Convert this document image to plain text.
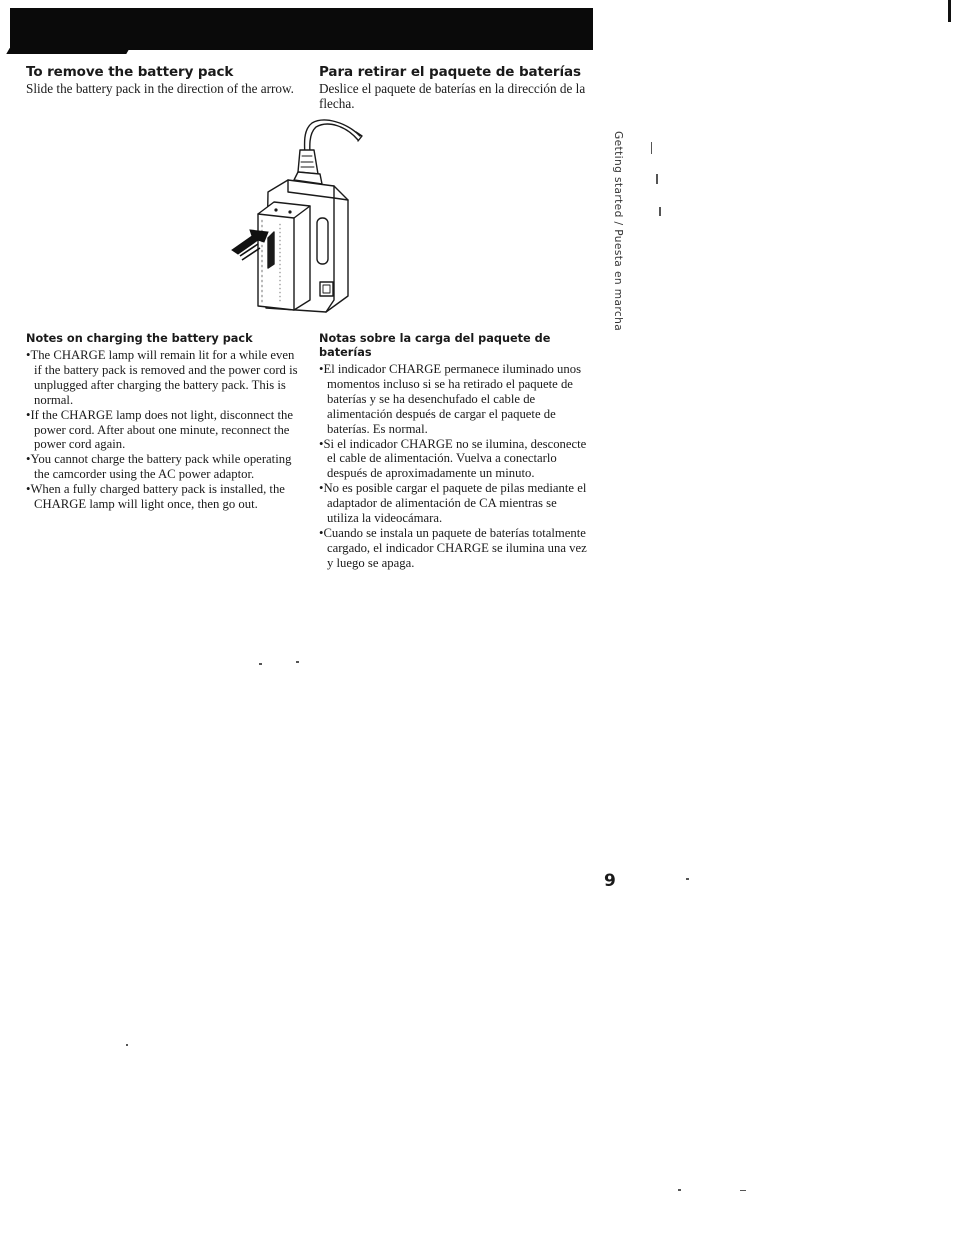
To remove the battery pack

Slide the battery pack in the direction of the arrow.

Para retirar el paquete de baterías

Deslice el paquete de baterías en la dirección de la flecha.

Notes on charging the battery pack
• The CHARGE lamp will remain lit for a while even if the battery pack is removed and the power cord is unplugged after charging the battery pack. This is normal.
• If the CHARGE lamp does not light, disconnect the power cord. After about one minute, reconnect the power cord again.
• You cannot charge the battery pack while operating the camcorder using the AC power adaptor.
• When a fully charged battery pack is installed, the CHARGE lamp will light once, then go out.
Notas sobre la carga del paquete de baterías
• El indicador CHARGE permanece iluminado unos momentos incluso si se ha retirado el paquete de baterías y se ha desenchufado el cable de alimentación después de cargar el paquete de baterías. Es normal.
• Si el indicador CHARGE no se ilumina, desconecte el cable de alimentación. Vuelva a conectarlo después de aproximadamente un minuto.
• No es posible cargar el paquete de pilas mediante el adaptador de alimentación de CA mientras se utiliza la videocámara.
• Cuando se instala un paquete de baterías totalmente cargado, el indicador CHARGE se ilumina una vez y luego se apaga.
Getting started / Puesta en marcha
9
